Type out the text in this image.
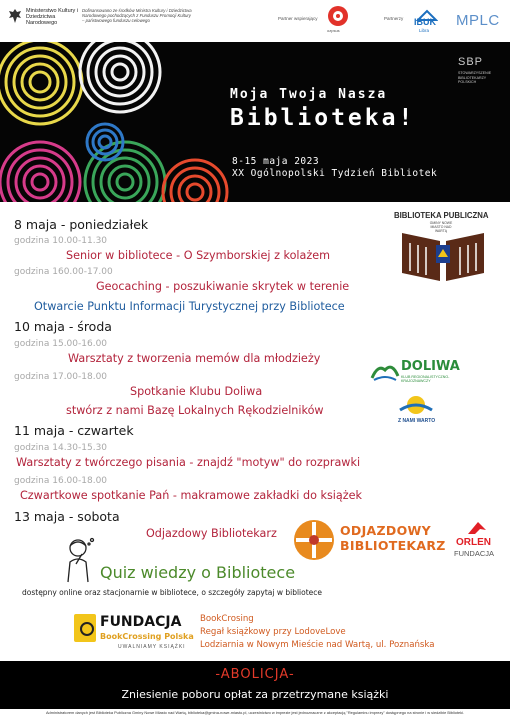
Ministerstwo Kultury i Dziedzictwa Narodowego
Dofinansowano ze środków Ministra Kultury i Dziedzictwa Narodowego pochodzących z Funduszu Promocji Kultury – państwowego funduszu celowego	Partner wspierający
ozpsus
Partnerzy IBUK
Libra
MPLC
Moja Twoja Nasza
Biblioteka!
8-15 maja 2023
XX Ogólnopolski Tydzień Bibliotek
SBP
STOWARZYSZENIE BIBLIOTEKARZY POLSKICH
8 maja - poniedziałek
godzina 10.00-11.30
Senior w bibliotece - O Szymborskiej z kolażem
godzina 160.00-17.00
Geocaching - poszukiwanie skrytek w terenie
Otwarcie Punktu Informacji Turystycznej przy Bibliotece
10 maja - środa
godzina 15.00-16.00
Warsztaty z tworzenia memów dla młodzieży
godzina 17.00-18.00
Spotkanie Klubu Doliwa
stwórz z nami Bazę Lokalnych Rękodzielników
11 maja - czwartek
godzina 14.30-15.30
Warsztaty z twórczego pisania - znajdź "motyw" do rozprawki
godzina 16.00-18.00
Czwartkowe spotkanie Pań - makramowe zakładki do książek
13 maja - sobota
Odjazdowy Bibliotekarz
Quiz wiedzy o Bibliotece
dostępny online oraz stacjonarnie w bibliotece, o szczegóły zapytaj w bibliotece
FUNDACJA
BookCrossing Polska
UWALNIAMY KSIĄŻKI
BookCrosing
Regał książkowy przy LodoveLove
Lodziarnia w Nowym Mieście nad Wartą, ul. Poznańska
BIBLIOTEKA PUBLICZNA
GMINY NOWE MIASTO NAD WARTĄ
DOLIWA
KLUB REGIONALISTYCZNO-KRAJOZNAWCZY
Z NAMI WARTO
ODJAZDOWY
BIBLIOTEKARZ ORLEN
FUNDACJA
-ABOLICJA-
Zniesienie poboru opłat za przetrzymane książki
Administratorem danych jest Biblioteka Publiczna Gminy Nowe Miasto nad Wartą, biblioteka@gmina-nowe-miasto.pl, uczestnictwo w imprezie jest jednoznaczne z akceptacją "Regulaminu imprezy" dostępnego na stronie i w siedzibie Biblioteki.
